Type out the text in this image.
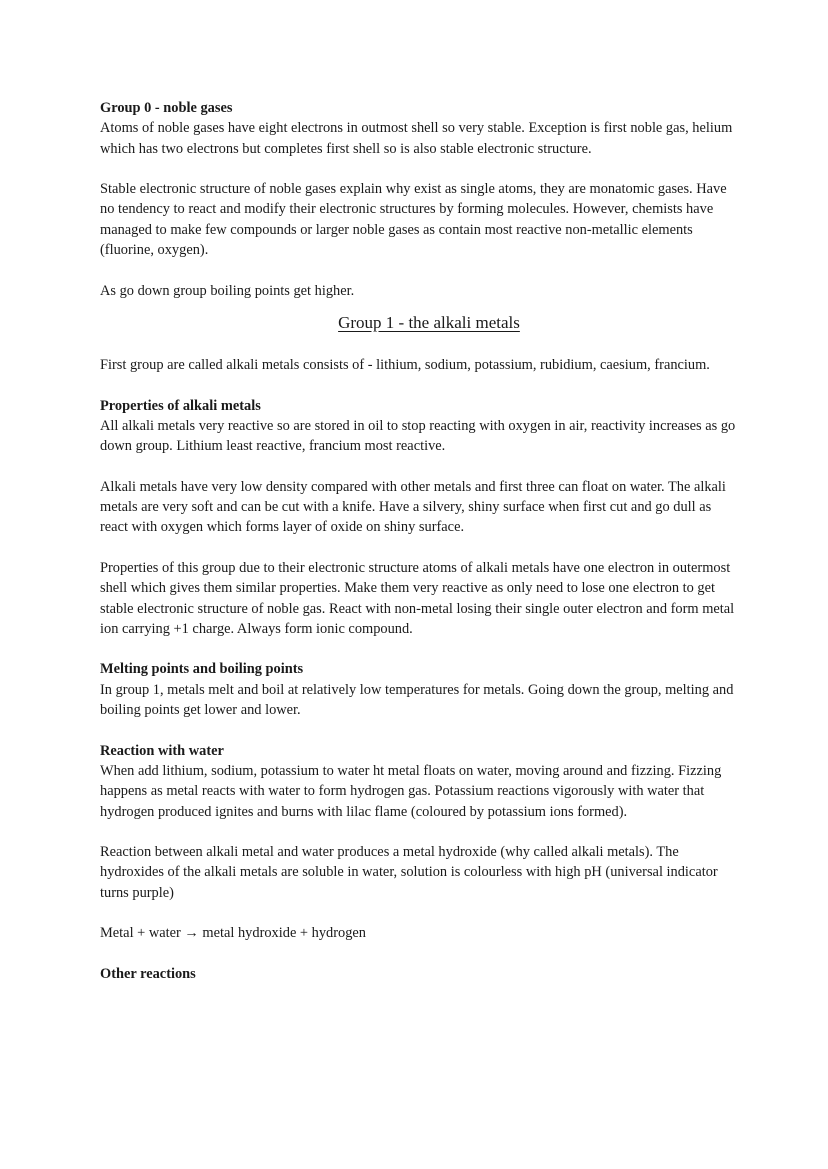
Group 0 - noble gases

Atoms of noble gases have eight electrons in outmost shell so very stable. Exception is first noble gas, helium which has two electrons but completes first shell so is also stable electronic structure.

Stable electronic structure of noble gases explain why exist as single atoms, they are monatomic gases. Have no tendency to react and modify their electronic structures by forming molecules. However, chemists have managed to make few compounds or larger noble gases as contain most reactive non-metallic elements (fluorine, oxygen).

As go down group boiling points get higher.

Group 1 - the alkali metals

First group are called alkali metals consists of - lithium, sodium, potassium, rubidium, caesium, francium.

Properties of alkali metals

All alkali metals very reactive so are stored in oil to stop reacting with oxygen in air, reactivity increases as go down group. Lithium least reactive, francium most reactive.

Alkali metals have very low density compared with other metals and first three can float on water. The alkali metals are very soft and can be cut with a knife. Have a silvery, shiny surface when first cut and go dull as react with oxygen which forms layer of oxide on shiny surface.

Properties of this group due to their electronic structure atoms of alkali metals have one electron in outermost shell which gives them similar properties. Make them very reactive as only need to lose one electron to get stable electronic structure of noble gas. React with non-metal losing their single outer electron and form metal ion carrying +1 charge. Always form ionic compound.

Melting points and boiling points

In group 1, metals melt and boil at relatively low temperatures for metals. Going down the group, melting and boiling points get lower and lower.

Reaction with water

When add lithium, sodium, potassium to water ht metal floats on water, moving around and fizzing. Fizzing happens as metal reacts with water to form hydrogen gas. Potassium reactions vigorously with water that hydrogen produced ignites and burns with lilac flame (coloured by potassium ions formed).

Reaction between alkali metal and water produces a metal hydroxide (why called alkali metals). The hydroxides of the alkali metals are soluble in water, solution is colourless with high pH (universal indicator turns purple)

Metal + water → metal hydroxide + hydrogen

Other reactions
